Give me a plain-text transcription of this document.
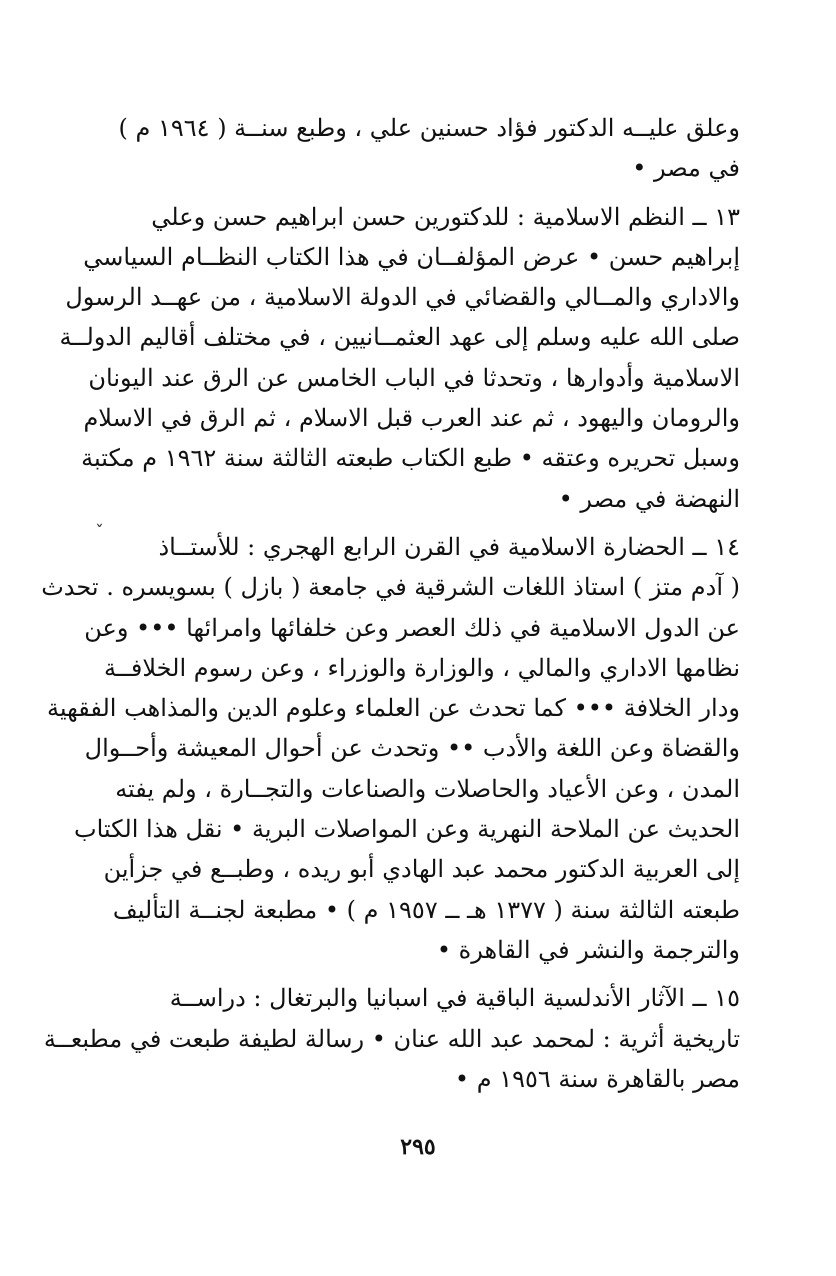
وعلق عليــه الدكتور فؤاد حسنين علي ، وطبع سنــة ( ١٩٦٤ م )
في مصر •
١٣ ــ النظم الاسلامية : للدكتورين حسن ابراهيم حسن وعلي
إبراهيم حسن • عرض المؤلفــان في هذا الكتاب النظــام السياسي
والاداري والمــالي والقضائي في الدولة الاسلامية ، من عهــد الرسول
صلى الله عليه وسلم إلى عهد العثمــانيين ، في مختلف أقاليم الدولــة
الاسلامية وأدوارها ، وتحدثا في الباب الخامس عن الرق عند اليونان
والرومان واليهود ، ثم عند العرب قبل الاسلام ، ثم الرق في الاسلام
وسبل تحريره وعتقه • طبع الكتاب طبعته الثالثة سنة ١٩٦٢ م مكتبة
النهضة في مصر •
١٤ ــ الحضارة الاسلامية في القرن الرابع الهجري : للأستــاذ
( آدم متز ) استاذ اللغات الشرقية في جامعة ( بازل ) بسويسره . تحدث
عن الدول الاسلامية في ذلك العصر وعن خلفائها وامرائها ••• وعن
نظامها الاداري والمالي ، والوزارة والوزراء ، وعن رسوم الخلافــة
ودار الخلافة ••• كما تحدث عن العلماء وعلوم الدين والمذاهب الفقهية
والقضاة وعن اللغة والأدب •• وتحدث عن أحوال المعيشة وأحــوال
المدن ، وعن الأعياد والحاصلات والصناعات والتجــارة ، ولم يفته
الحديث عن الملاحة النهرية وعن المواصلات البرية • نقل هذا الكتاب
إلى العربية الدكتور محمد عبد الهادي أبو ريده ، وطبــع في جزأين
طبعته الثالثة سنة ( ١٣٧٧ هـ ــ ١٩٥٧ م ) • مطبعة لجنــة التأليف
والترجمة والنشر في القاهرة •
١٥ ــ الآثار الأندلسية الباقية في اسبانيا والبرتغال : دراســة
تاريخية أثرية : لمحمد عبد الله عنان • رسالة لطيفة طبعت في مطبعــة
مصر بالقاهرة سنة ١٩٥٦ م •
ˇ
٢٩٥
